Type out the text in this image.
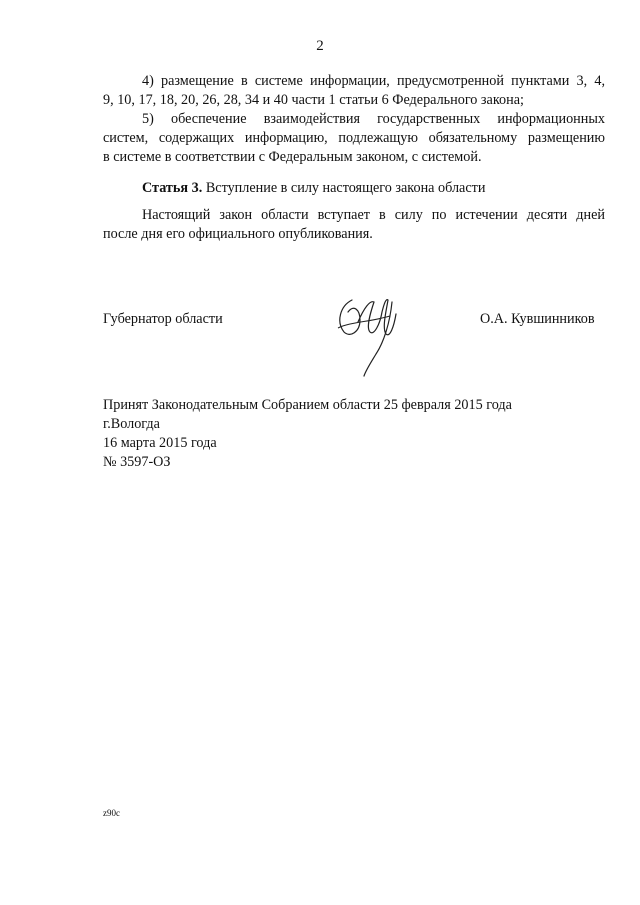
2
4) размещение в системе информации, предусмотренной пунктами 3, 4,
9, 10, 17, 18, 20, 26, 28, 34 и 40 части 1 статьи 6 Федерального закона;
5) обеспечение взаимодействия государственных информационных
систем, содержащих информацию, подлежащую обязательному размещению
в системе в соответствии с Федеральным законом, с системой.
Статья 3. Вступление в силу настоящего закона области
Настоящий закон области вступает в силу по истечении десяти дней
после дня его официального опубликования.
Губернатор области	О.А. Кувшинников
Принят Законодательным Собранием области 25 февраля 2015 года
г.Вологда
16 марта 2015 года
№ 3597-ОЗ
z90c
